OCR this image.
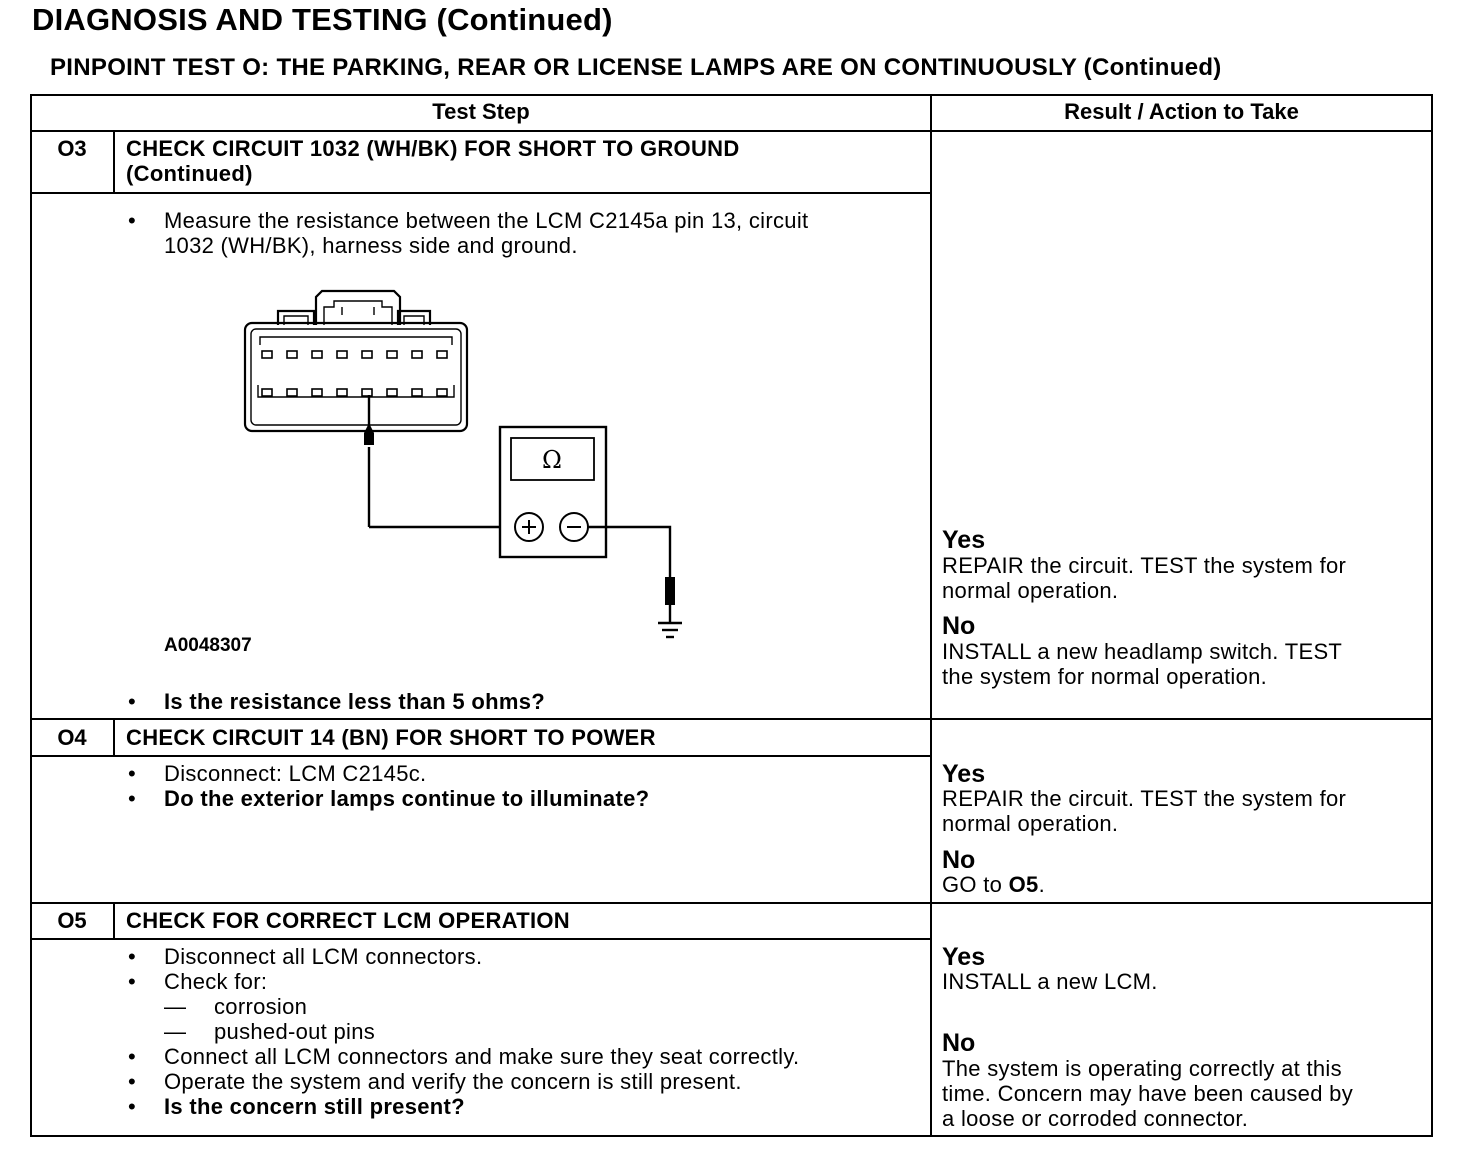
DIAGNOSIS AND TESTING (Continued)
PINPOINT TEST O: THE PARKING, REAR OR LICENSE LAMPS ARE ON CONTINUOUSLY (Continued)
Test Step	Result / Action to Take
O3	CHECK CIRCUIT 1032 (WH/BK) FOR SHORT TO GROUND
(Continued)
• Measure the resistance between the LCM C2145a pin 13, circuit
1032 (WH/BK), harness side and ground.
Ω
A0048307
• Is the resistance less than 5 ohms?
Yes
REPAIR the circuit. TEST the system for
normal operation.
No
INSTALL a new headlamp switch. TEST
the system for normal operation.
O4	CHECK CIRCUIT 14 (BN) FOR SHORT TO POWER
• Disconnect: LCM C2145c.
• Do the exterior lamps continue to illuminate?
Yes
REPAIR the circuit. TEST the system for
normal operation.
No
GO to O5.
O5	CHECK FOR CORRECT LCM OPERATION
• Disconnect all LCM connectors.
• Check for:
— corrosion
— pushed-out pins
• Connect all LCM connectors and make sure they seat correctly.
• Operate the system and verify the concern is still present.
• Is the concern still present?
Yes
INSTALL a new LCM.
No
The system is operating correctly at this
time. Concern may have been caused by
a loose or corroded connector.
